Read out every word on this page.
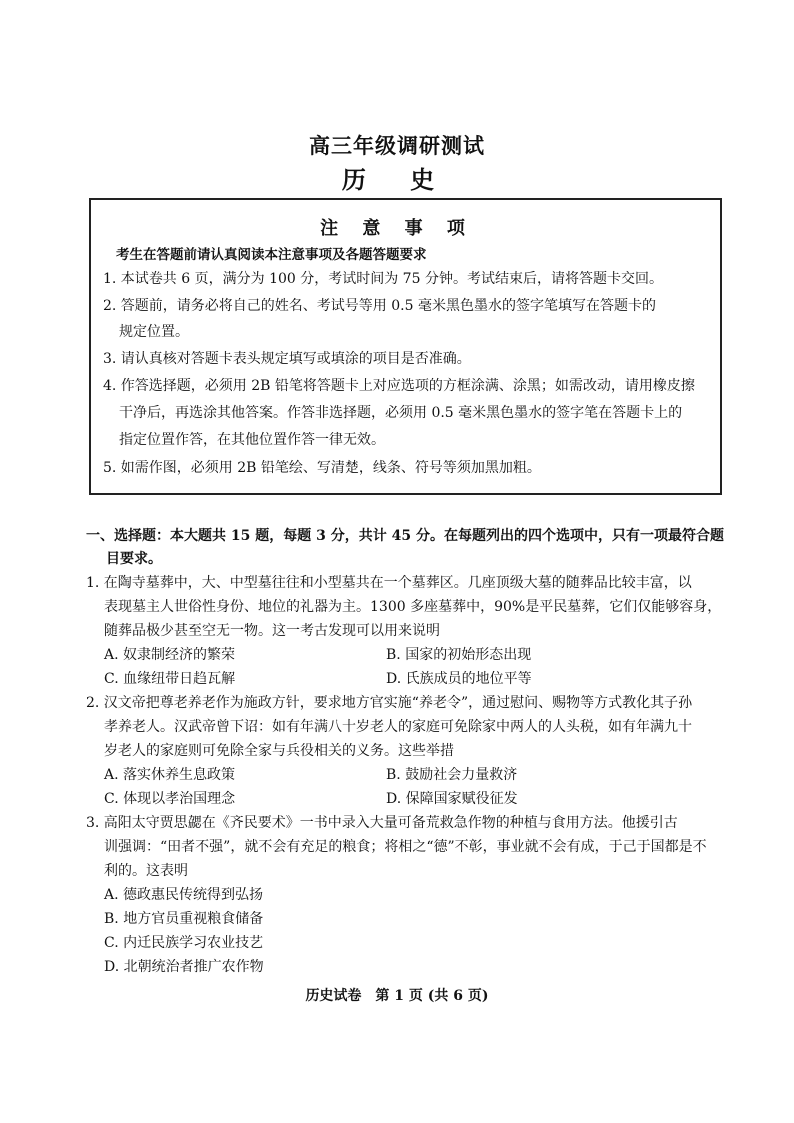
高三年级调研测试
历 史
注 意 事 项
考生在答题前请认真阅读本注意事项及各题答题要求
1. 本试卷共 6 页，满分为 100 分，考试时间为 75 分钟。考试结束后，请将答题卡交回。
2. 答题前，请务必将自己的姓名、考试号等用 0.5 毫米黑色墨水的签字笔填写在答题卡的
规定位置。
3. 请认真核对答题卡表头规定填写或填涂的项目是否准确。
4. 作答选择题，必须用 2B 铅笔将答题卡上对应选项的方框涂满、涂黑；如需改动，请用橡皮擦
干净后，再选涂其他答案。作答非选择题，必须用 0.5 毫米黑色墨水的签字笔在答题卡上的
指定位置作答，在其他位置作答一律无效。
5. 如需作图，必须用 2B 铅笔绘、写清楚，线条、符号等须加黑加粗。
一、选择题：本大题共 15 题，每题 3 分，共计 45 分。在每题列出的四个选项中，只有一项最符合题
目要求。
1. 在陶寺墓葬中，大、中型墓往往和小型墓共在一个墓葬区。几座顶级大墓的随葬品比较丰富，以
表现墓主人世俗性身份、地位的礼器为主。1300 多座墓葬中，90%是平民墓葬，它们仅能够容身，
随葬品极少甚至空无一物。这一考古发现可以用来说明
A. 奴隶制经济的繁荣	B. 国家的初始形态出现
C. 血缘纽带日趋瓦解	D. 氏族成员的地位平等
2. 汉文帝把尊老养老作为施政方针，要求地方官实施“养老令”，通过慰问、赐物等方式教化其子孙
孝养老人。汉武帝曾下诏：如有年满八十岁老人的家庭可免除家中两人的人头税，如有年满九十
岁老人的家庭则可免除全家与兵役相关的义务。这些举措
A. 落实休养生息政策	B. 鼓励社会力量救济
C. 体现以孝治国理念	D. 保障国家赋役征发
3. 高阳太守贾思勰在《齐民要术》一书中录入大量可备荒救急作物的种植与食用方法。他援引古
训强调：“田者不强”，就不会有充足的粮食；将相之“德”不彰，事业就不会有成，于己于国都是不
利的。这表明
A. 德政惠民传统得到弘扬
B. 地方官员重视粮食储备
C. 内迁民族学习农业技艺
D. 北朝统治者推广农作物
历史试卷　第 1 页 (共 6 页)
